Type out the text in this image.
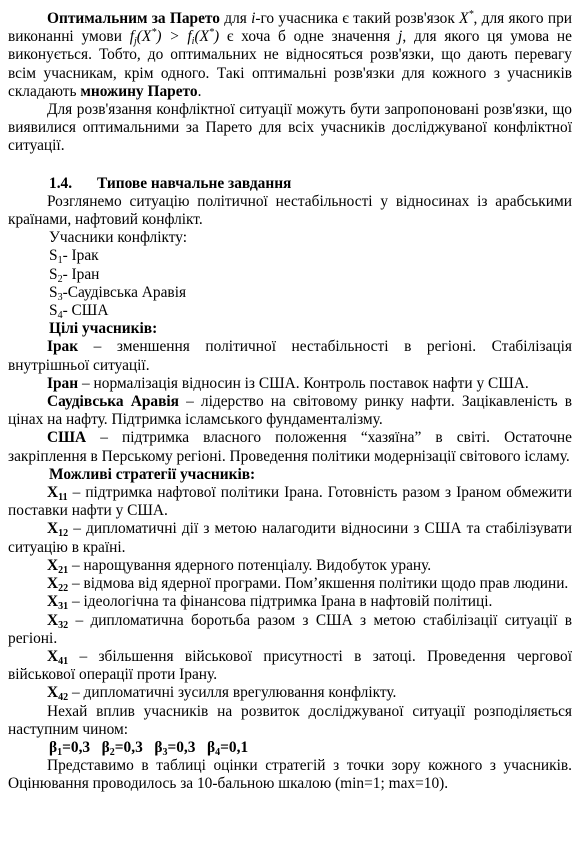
Оптимальним за Парето для i-го учасника є такий розв'язок X*, для якого при виконанні умови $f_j(X^*) > f_i(X^*)$ є хоча б одне значення j, для якого ця умова не виконується. Тобто, до оптимальних не відносяться розв'язки, що дають перевагу всім учасникам, крім одного. Такі оптимальні розв'язки для кожного з учасників складають множину Парето.

Для розв'язання конфліктної ситуації можуть бути запропоновані розв'язки, що виявилися оптимальними за Парето для всіх учасників досліджуваної конфліктної ситуації.

1.4. Типове навчальне завдання

Розглянемо ситуацію політичної нестабільності у відносинах із арабськими країнами, нафтовий конфлікт.

Учасники конфлікту:

$S_1-$ Ірак

$S_2-$ Іран

$S_3$-Саудівська Аравія

$S_4-$ США

Цілі учасників:

Ірак – зменшення політичної нестабільності в регіоні. Стабілізація внутрішньої ситуації.

Іран – нормалізація відносин із США. Контроль поставок нафти у США.

Саудівська Аравія – лідерство на світовому ринку нафти. Зацікавленість в цінах на нафту. Підтримка ісламського фундаменталізму.

США – підтримка власного положення “хазяїна” в світі. Остаточне закріплення в Перському регіоні. Проведення політики модернізації світового ісламу.

Можливі стратегії учасників:

$X_{11}$ – підтримка нафтової політики Ірана. Готовність разом з Іраном обмежити поставки нафти у США.

$X_{12}$ – дипломатичні дії з метою налагодити відносини з США та стабілізувати ситуацію в країні.

$X_{21}$ – нарощування ядерного потенціалу. Видобуток урану.

$X_{22}$ – відмова від ядерної програми. Пом’якшення політики щодо прав людини.

$X_{31}$ – ідеологічна та фінансова підтримка Ірана в нафтовій політиці.

$X_{32}$ – дипломатична боротьба разом з США з метою стабілізації ситуації в регіоні.

$X_{41}$ – збільшення військової присутності в затоці. Проведення чергової військової операції проти Ірану.

$X_{42}$ – дипломатичні зусилля врегулювання конфлікту.

Нехай вплив учасників на розвиток досліджуваної ситуації розподіляється наступним чином:

$\beta_1=0,3$ $\beta_2=0,3$ $\beta_3=0,3$ $\beta_4=0,1$

Представимо в таблиці оцінки стратегій з точки зору кожного з учасників. Оцінювання проводилось за 10-бальною шкалою (min=1; max=10).
